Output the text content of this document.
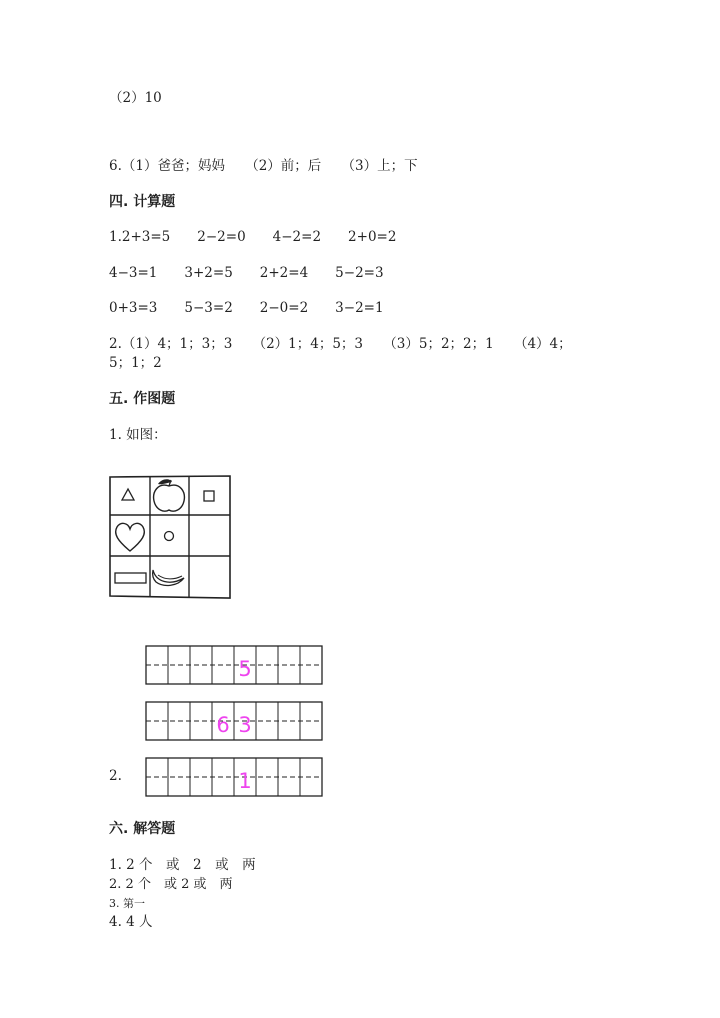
（2）10
6.（1）爸爸；妈妈　　（2）前；后　　（3）上；下
四. 计算题
1.2+3=5　　2−2=0　　4−2=2　　2+0=2
4−3=1　　3+2=5　　2+2=4　　5−2=3
0+3=3　　5−3=2　　2−0=2　　3−2=1
2.（1）4；1；3；3　　（2）1；4；5；3　　（3）5；2；2；1　　（4）4；
5；1；2
五. 作图题
1. 如图：
5
6 3
2.	1
六. 解答题
1. 2 个　或　2　或　两
2. 2 个　或 2 或　两
3. 第一
4. 4 人
